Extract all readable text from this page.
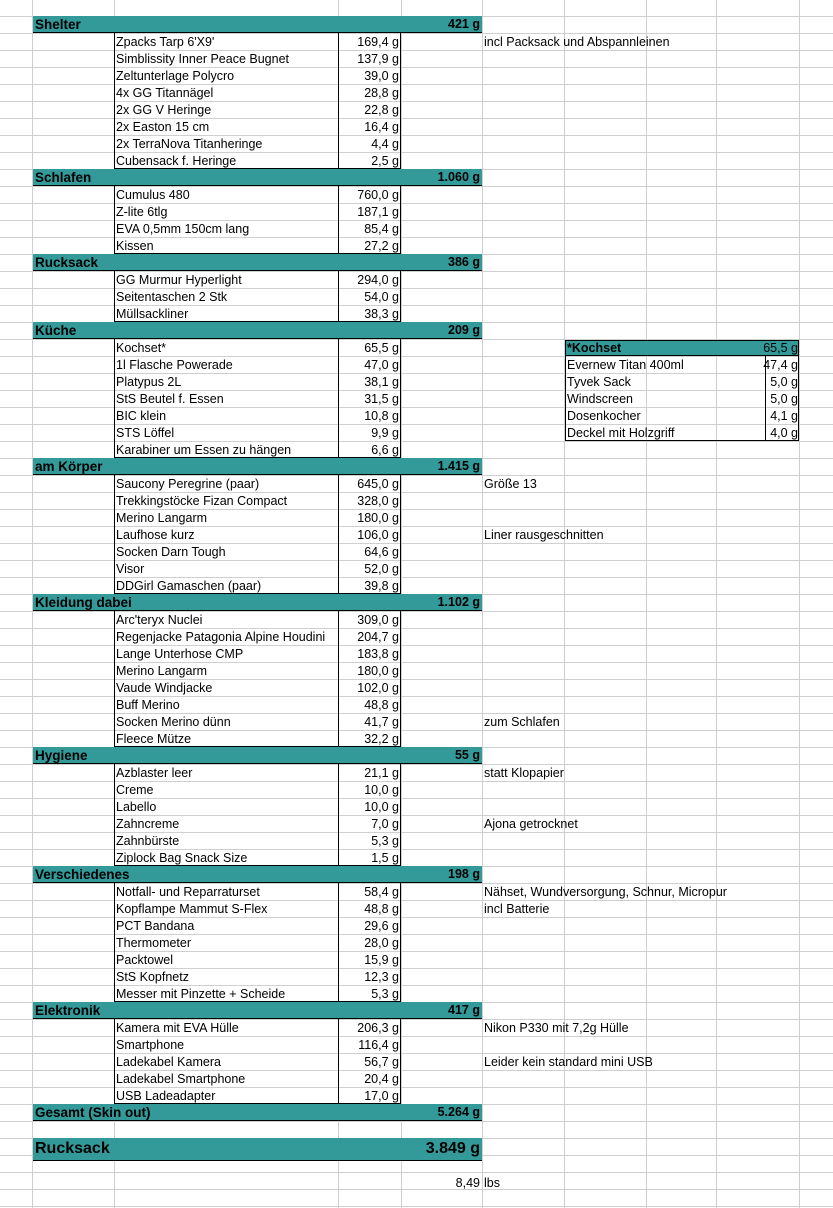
Shelter	421 g
Zpacks Tarp 6'X9'	169,4 g	incl Packsack und Abspannleinen
Simblissity Inner Peace Bugnet	137,9 g
Zeltunterlage Polycro	39,0 g
4x GG Titannägel	28,8 g
2x GG V Heringe	22,8 g
2x Easton 15 cm	16,4 g
2x TerraNova Titanheringe	4,4 g
Cubensack f. Heringe	2,5 g
Schlafen	1.060 g
Cumulus 480	760,0 g
Z-lite 6tlg	187,1 g
EVA 0,5mm 150cm lang	85,4 g
Kissen	27,2 g
Rucksack	386 g
GG Murmur Hyperlight	294,0 g
Seitentaschen 2 Stk	54,0 g
Müllsackliner	38,3 g
Küche	209 g
Kochset*	65,5 g
1l Flasche Powerade	47,0 g
Platypus 2L	38,1 g
StS Beutel f. Essen	31,5 g
BIC klein	10,8 g
STS Löffel	9,9 g
Karabiner um Essen zu hängen	6,6 g
am Körper	1.415 g
Saucony Peregrine (paar)	645,0 g	Größe 13
Trekkingstöcke Fizan Compact	328,0 g
Merino Langarm	180,0 g
Laufhose kurz	106,0 g	Liner rausgeschnitten
Socken Darn Tough	64,6 g
Visor	52,0 g
DDGirl Gamaschen (paar)	39,8 g
Kleidung dabei	1.102 g
Arc'teryx Nuclei	309,0 g
Regenjacke Patagonia Alpine Houdini	204,7 g
Lange Unterhose CMP	183,8 g
Merino Langarm	180,0 g
Vaude Windjacke	102,0 g
Buff Merino	48,8 g
Socken Merino dünn	41,7 g	zum Schlafen
Fleece Mütze	32,2 g
Hygiene	55 g
Azblaster leer	21,1 g	statt Klopapier
Creme	10,0 g
Labello	10,0 g
Zahncreme	7,0 g	Ajona getrocknet
Zahnbürste	5,3 g
Ziplock Bag Snack Size	1,5 g
Verschiedenes	198 g
Notfall- und Reparraturset	58,4 g	Nähset, Wundversorgung, Schnur, Micropur
Kopflampe Mammut S-Flex	48,8 g	incl Batterie
PCT Bandana	29,6 g
Thermometer	28,0 g
Packtowel	15,9 g
StS Kopfnetz	12,3 g
Messer mit Pinzette + Scheide	5,3 g
Elektronik	417 g
Kamera mit EVA Hülle	206,3 g	Nikon P330 mit 7,2g Hülle
Smartphone	116,4 g
Ladekabel Kamera	56,7 g	Leider kein standard mini USB
Ladekabel Smartphone	20,4 g
USB Ladeadapter	17,0 g
Gesamt (Skin out)	5.264 g
Rucksack	3.849 g
8,49 lbs
*Kochset	65,5 g
Evernew Titan 400ml	47,4 g
Tyvek Sack	5,0 g
Windscreen	5,0 g
Dosenkocher	4,1 g
Deckel mit Holzgriff	4,0 g
